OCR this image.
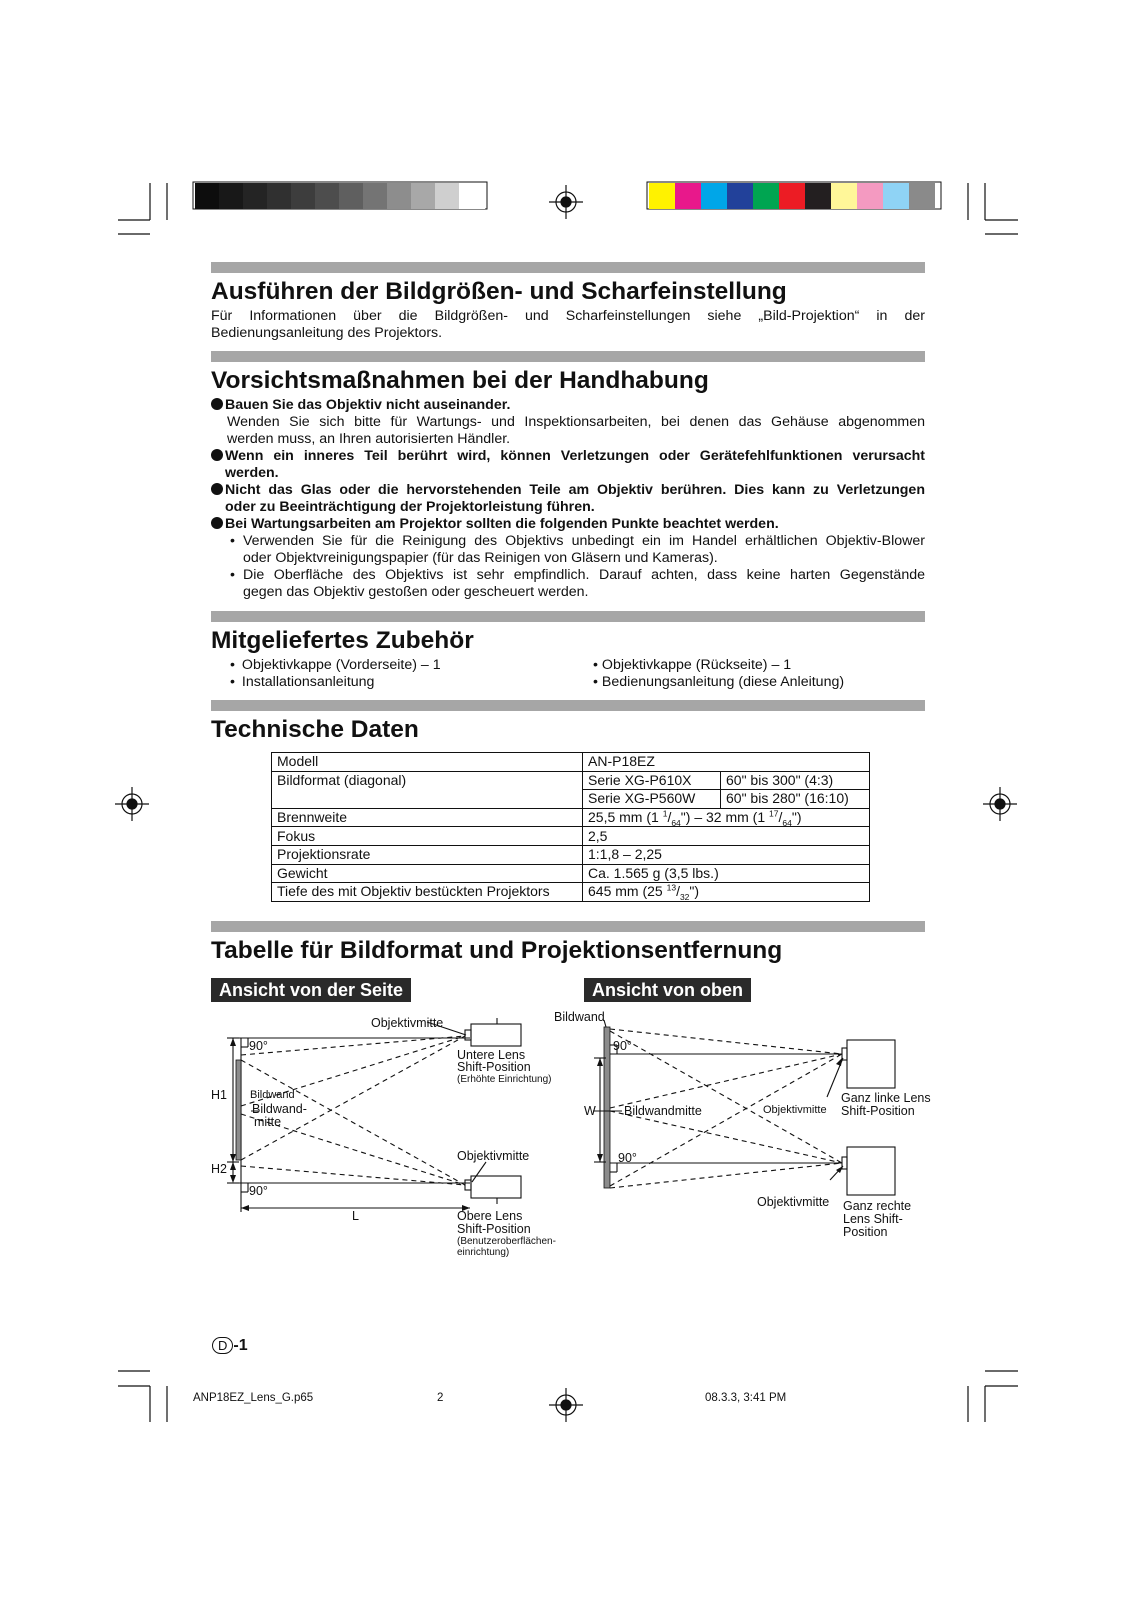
Ausführen der Bildgrößen- und Scharfeinstellung
Für Informationen über die Bildgrößen- und Scharfeinstellungen siehe „Bild-Projektion“ in der
Bedienungsanleitung des Projektors.
Vorsichtsmaßnahmen bei der Handhabung
Bauen Sie das Objektiv nicht auseinander.
Wenden Sie sich bitte für Wartungs- und Inspektionsarbeiten, bei denen das Gehäuse abgenommen
werden muss, an Ihren autorisierten Händler.
Wenn ein inneres Teil berührt wird, können Verletzungen oder Gerätefehlfunktionen verursacht
werden.
Nicht das Glas oder die hervorstehenden Teile am Objektiv berühren. Dies kann zu Verletzungen
oder zu Beeinträchtigung der Projektorleistung führen.
Bei Wartungsarbeiten am Projektor sollten die folgenden Punkte beachtet werden.
• Verwenden Sie für die Reinigung des Objektivs unbedingt ein im Handel erhältlichen Objektiv-Blower
oder Objektvreinigungspapier (für das Reinigen von Gläsern und Kameras).
• Die Oberfläche des Objektivs ist sehr empfindlich. Darauf achten, dass keine harten Gegenstände
gegen das Objektiv gestoßen oder gescheuert werden.
Mitgeliefertes Zubehör
• Objektivkappe (Vorderseite) – 1
• Installationsanleitung
• Objektivkappe (Rückseite) – 1
• Bedienungsanleitung (diese Anleitung)
Technische Daten
Modell	AN-P18EZ	
Bildformat (diagonal)	Serie XG-P610X	60" bis 300" (4:3)
	Serie XG-P560W	60" bis 280" (16:10)
Brennweite	25,5 mm (1 $^1/_{64}") - 32$ mm (1 $^{17}/_{64}$")	
Fokus	2,5	
Projektionsrate	1:1,8 – 2,25	
Gewicht	Ca. 1.565 g (3,5 lbs.)	
Tiefe des mit Objektiv bestückten Projektors	645 mm (25 $^{13}/_{32}$")	
Tabelle für Bildformat und Projektionsentfernung
Ansicht von der Seite	Ansicht von oben
Objektivmitte
90°
Untere Lens
Shift-Position
(Erhöhte Einrichtung)
H1 Bildwand
Bildwand-
mitte
H2
Objektivmitte
90°
L	Obere Lens
Shift-Position
(Benutzeroberflächen-
einrichtung)
Bildwand
90°
W Bildwandmitte	Objektivmitte
Ganz linke Lens
Shift-Position
90°
Objektivmitte Ganz rechte
Lens Shift-
Position
D -1
ANP18EZ_Lens_G.p65	2	08.3.3, 3:41 PM
